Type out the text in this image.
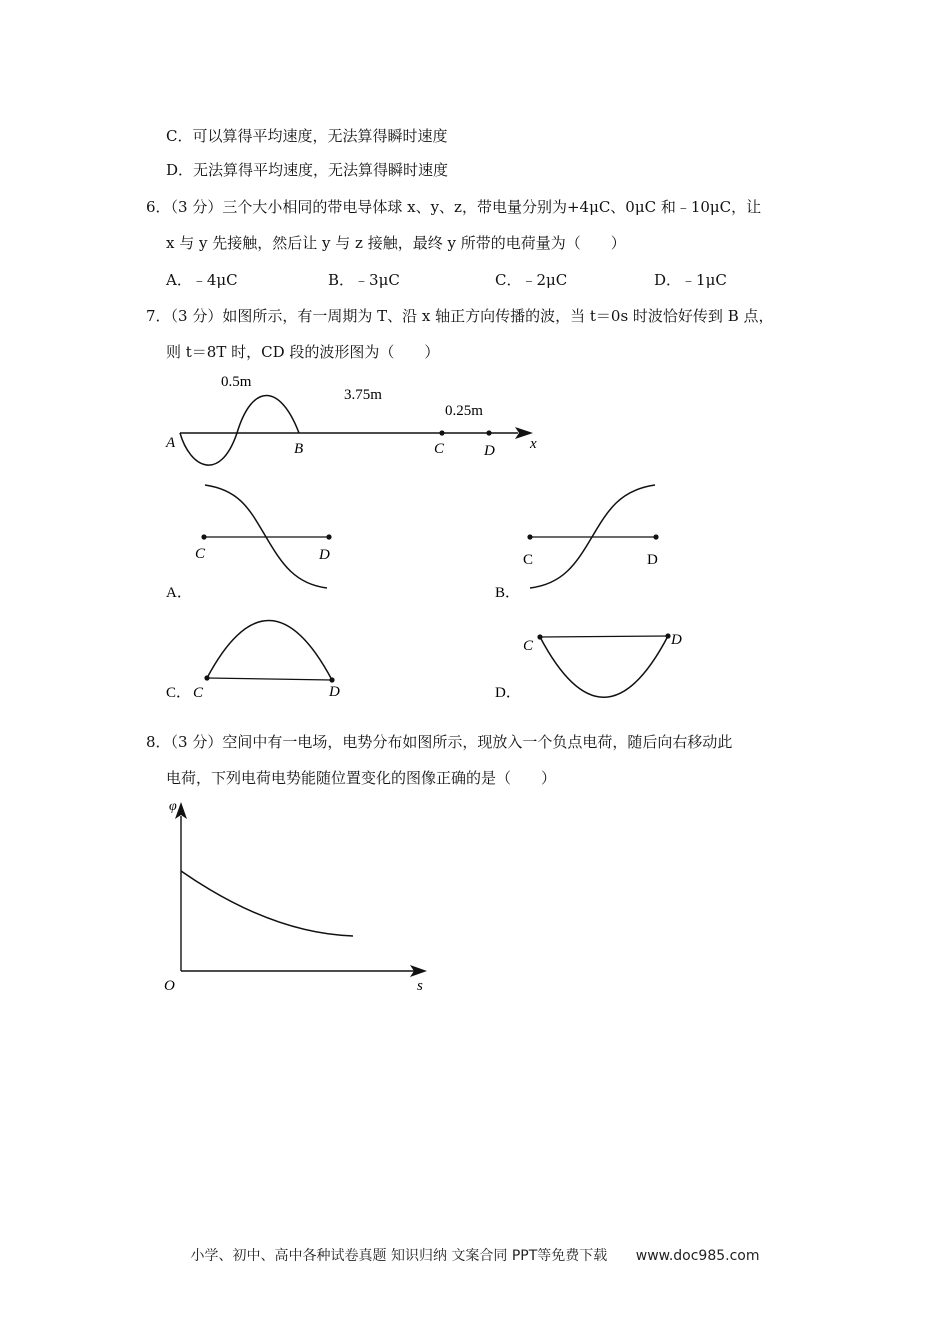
C．可以算得平均速度，无法算得瞬时速度
D．无法算得平均速度，无法算得瞬时速度
6．（3 分）三个大小相同的带电导体球 x、y、z，带电量分别为+4μC、0μC 和﹣10μC，让
x 与 y 先接触，然后让 y 与 z 接触，最终 y 所带的电荷量为（　　）
A．﹣4μC	B．﹣3μC	C．﹣2μC	D．﹣1μC
7．（3 分）如图所示，有一周期为 T、沿 x 轴正方向传播的波，当 t＝0s 时波恰好传到 B 点，
则 t＝8T 时，CD 段的波形图为（　　）
0.5m
3.75m
0.25m
A	B	C	D x
C	D
A．
C	D
B．
C	D
C．
C	D
D．
φ
O	s
8．（3 分）空间中有一电场，电势分布如图所示，现放入一个负点电荷，随后向右移动此
电荷，下列电荷电势能随位置变化的图像正确的是（　　）
小学、初中、高中各种试卷真题 知识归纳 文案合同 PPT等免费下载 www.doc985.com
